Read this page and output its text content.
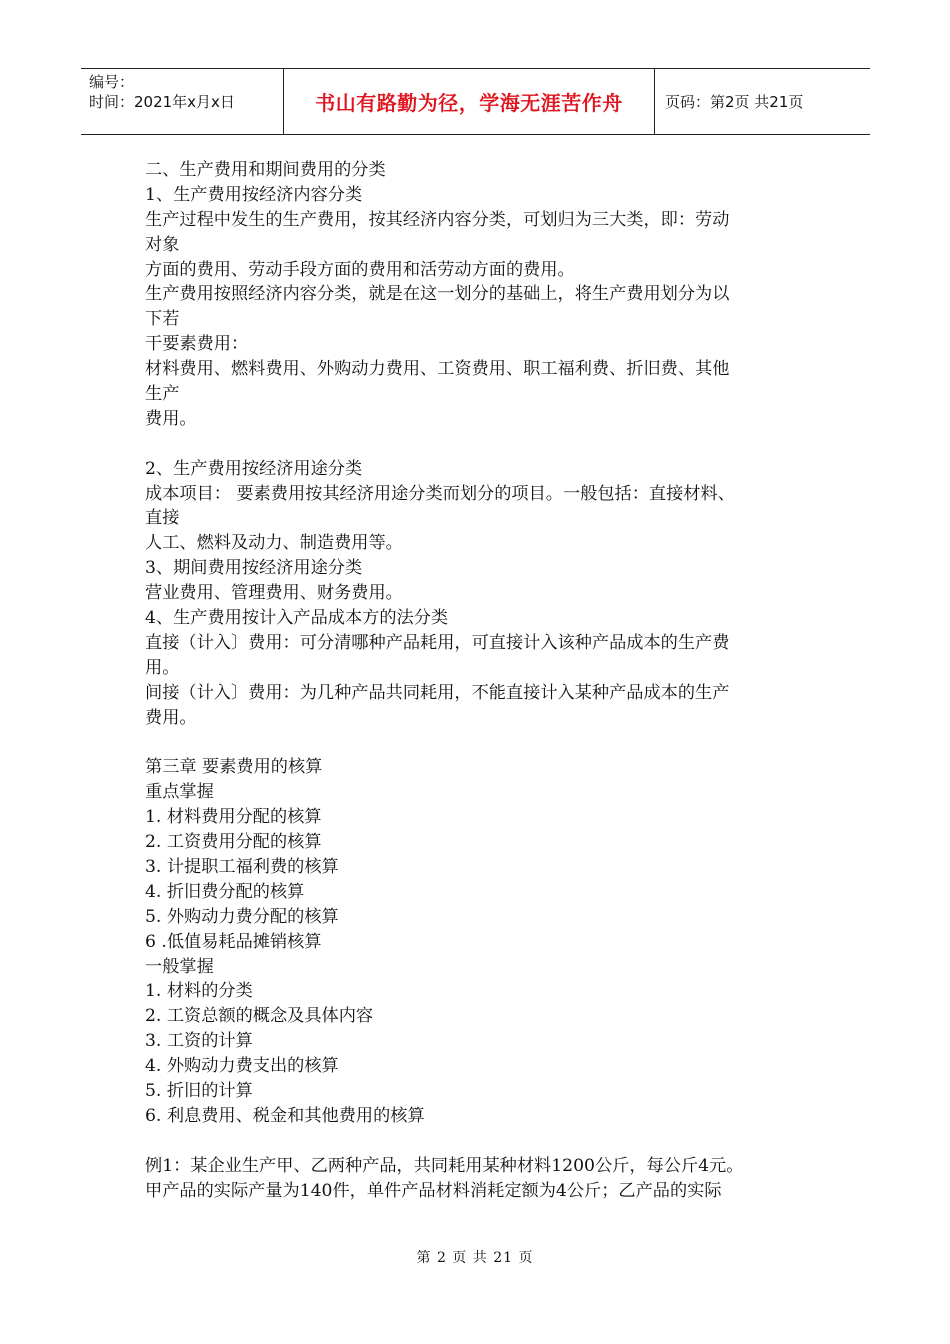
编号：
时间：2021年x月x日	书山有路勤为径，学海无涯苦作舟	页码：第2页 共21页
二、生产费用和期间费用的分类
1、生产费用按经济内容分类
生产过程中发生的生产费用，按其经济内容分类，可划归为三大类，即：劳动
对象
方面的费用、劳动手段方面的费用和活劳动方面的费用。
生产费用按照经济内容分类，就是在这一划分的基础上，将生产费用划分为以
下若
干要素费用：
材料费用、燃料费用、外购动力费用、工资费用、职工福利费、折旧费、其他
生产
费用。
2、生产费用按经济用途分类
成本项目： 要素费用按其经济用途分类而划分的项目。一般包括：直接材料、
直接
人工、燃料及动力、制造费用等。
3、期间费用按经济用途分类
营业费用、管理费用、财务费用。
4、生产费用按计入产品成本方的法分类
直接（计入〕费用：可分清哪种产品耗用，可直接计入该种产品成本的生产费
用。
间接（计入〕费用：为几种产品共同耗用，不能直接计入某种产品成本的生产
费用。
第三章 要素费用的核算
重点掌握
1. 材料费用分配的核算
2. 工资费用分配的核算
3. 计提职工福利费的核算
4. 折旧费分配的核算
5. 外购动力费分配的核算
6 .低值易耗品摊销核算
一般掌握
1. 材料的分类
2. 工资总额的概念及具体内容
3. 工资的计算
4. 外购动力费支出的核算
5. 折旧的计算
6. 利息费用、税金和其他费用的核算
例1：某企业生产甲、乙两种产品，共同耗用某种材料1200公斤，每公斤4元。
甲产品的实际产量为140件，单件产品材料消耗定额为4公斤；乙产品的实际
第 2 页 共 21 页
